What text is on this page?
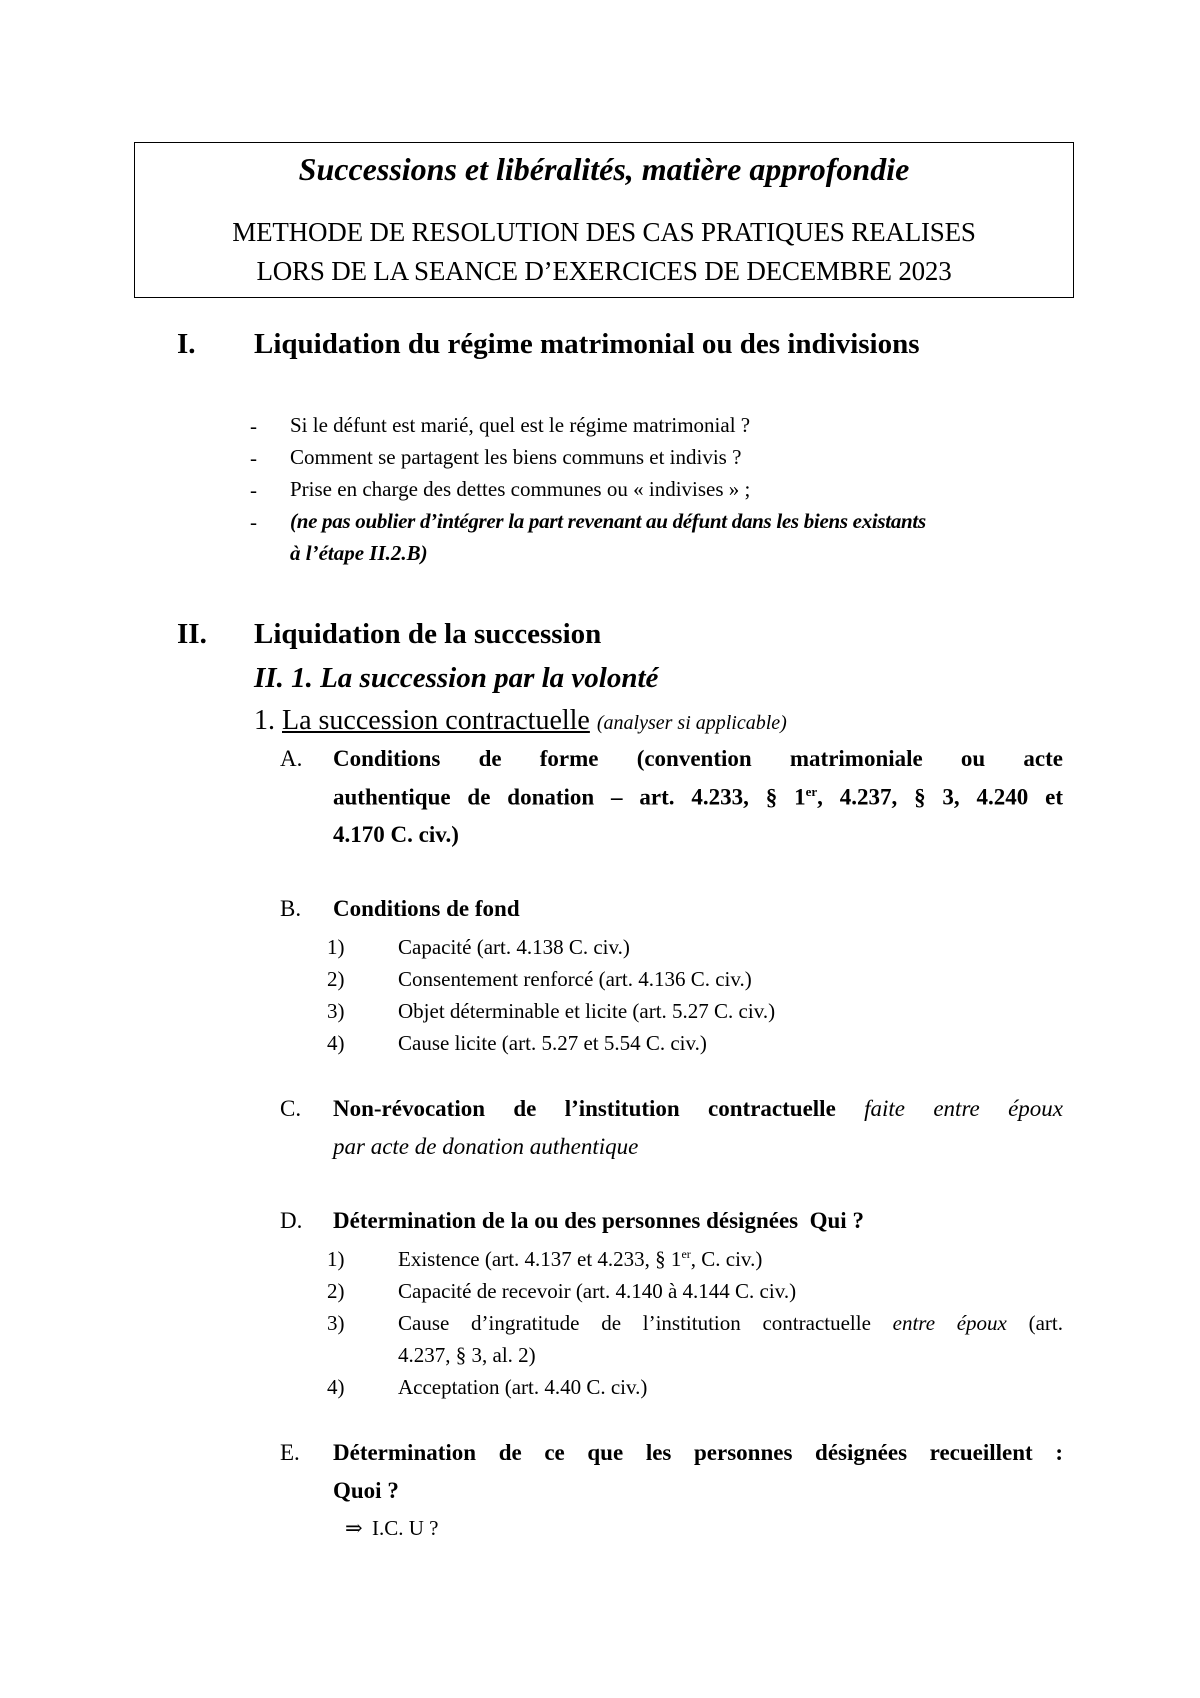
Successions et libéralités, matière approfondie
METHODE DE RESOLUTION DES CAS PRATIQUES REALISES
LORS DE LA SEANCE D’EXERCICES DE DECEMBRE 2023
I. Liquidation du régime matrimonial ou des indivisions
- Si le défunt est marié, quel est le régime matrimonial ?
- Comment se partagent les biens communs et indivis ?
- Prise en charge des dettes communes ou « indivises » ;
- (ne pas oublier d’intégrer la part revenant au défunt dans les biens existants
à l’étape II.2.B)
II. Liquidation de la succession
II. 1. La succession par la volonté
1. La succession contractuelle (analyser si applicable)
A. Conditions de forme (convention matrimoniale ou acte
authentique de donation – art. 4.233, § 1er, 4.237, § 3, 4.240 et
4.170 C. civ.)
B. Conditions de fond
1)	Capacité (art. 4.138 C. civ.)
2)	Consentement renforcé (art. 4.136 C. civ.)
3)	Objet déterminable et licite (art. 5.27 C. civ.)
4)	Cause licite (art. 5.27 et 5.54 C. civ.)
C. Non-révocation de l’institution contractuelle faite entre époux
par acte de donation authentique
D. Détermination de la ou des personnes désignées Qui ?
1)	Existence (art. 4.137 et 4.233, § 1er, C. civ.)
2)	Capacité de recevoir (art. 4.140 à 4.144 C. civ.)
3)	Cause d’ingratitude de l’institution contractuelle entre époux (art.
4.237, § 3, al. 2)
4)	Acceptation (art. 4.40 C. civ.)
E. Détermination de ce que les personnes désignées recueillent :
Quoi ?
⇒ I.C. U ?
